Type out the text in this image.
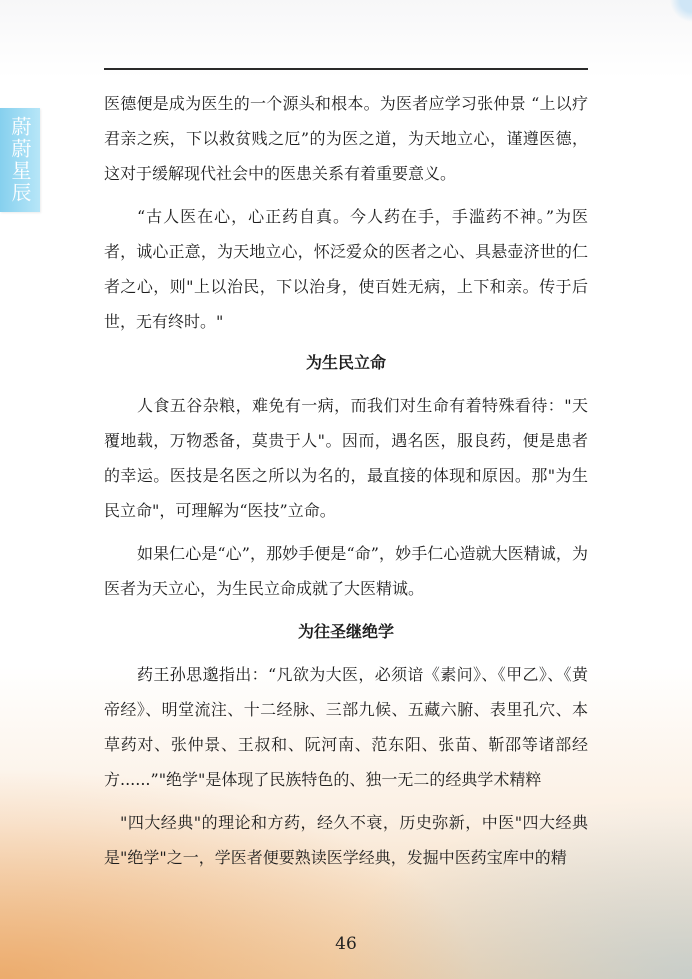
蔚蔚星辰

医德便是成为医生的一个源头和根本。为医者应学习张仲景 “上以疗君亲之疾，下以救贫贱之厄”的为医之道，为天地立心，谨遵医德，这对于缓解现代社会中的医患关系有着重要意义。

“古人医在心，心正药自真。今人药在手，手滥药不神。”为医者，诚心正意，为天地立心，怀泛爱众的医者之心、具悬壶济世的仁者之心，则"上以治民，下以治身，使百姓无病，上下和亲。传于后世，无有终时。"

为生民立命

人食五谷杂粮，难免有一病，而我们对生命有着特殊看待："天覆地载，万物悉备，莫贵于人"。因而，遇名医，服良药，便是患者的幸运。医技是名医之所以为名的，最直接的体现和原因。那"为生民立命"，可理解为“医技”立命。

如果仁心是“心”，那妙手便是“命”，妙手仁心造就大医精诚，为医者为天立心，为生民立命成就了大医精诚。

为往圣继绝学

药王孙思邈指出：“凡欲为大医，必须谙《素问》、《甲乙》、《黄帝经》、明堂流注、十二经脉、三部九候、五藏六腑、表里孔穴、本草药对、张仲景、王叔和、阮河南、范东阳、张苗、靳邵等诸部经方......”"绝学"是体现了民族特色的、独一无二的经典学术精粹

"四大经典"的理论和方药，经久不衰，历史弥新，中医"四大经典是"绝学"之一，学医者便要熟读医学经典，发掘中医药宝库中的精

46
